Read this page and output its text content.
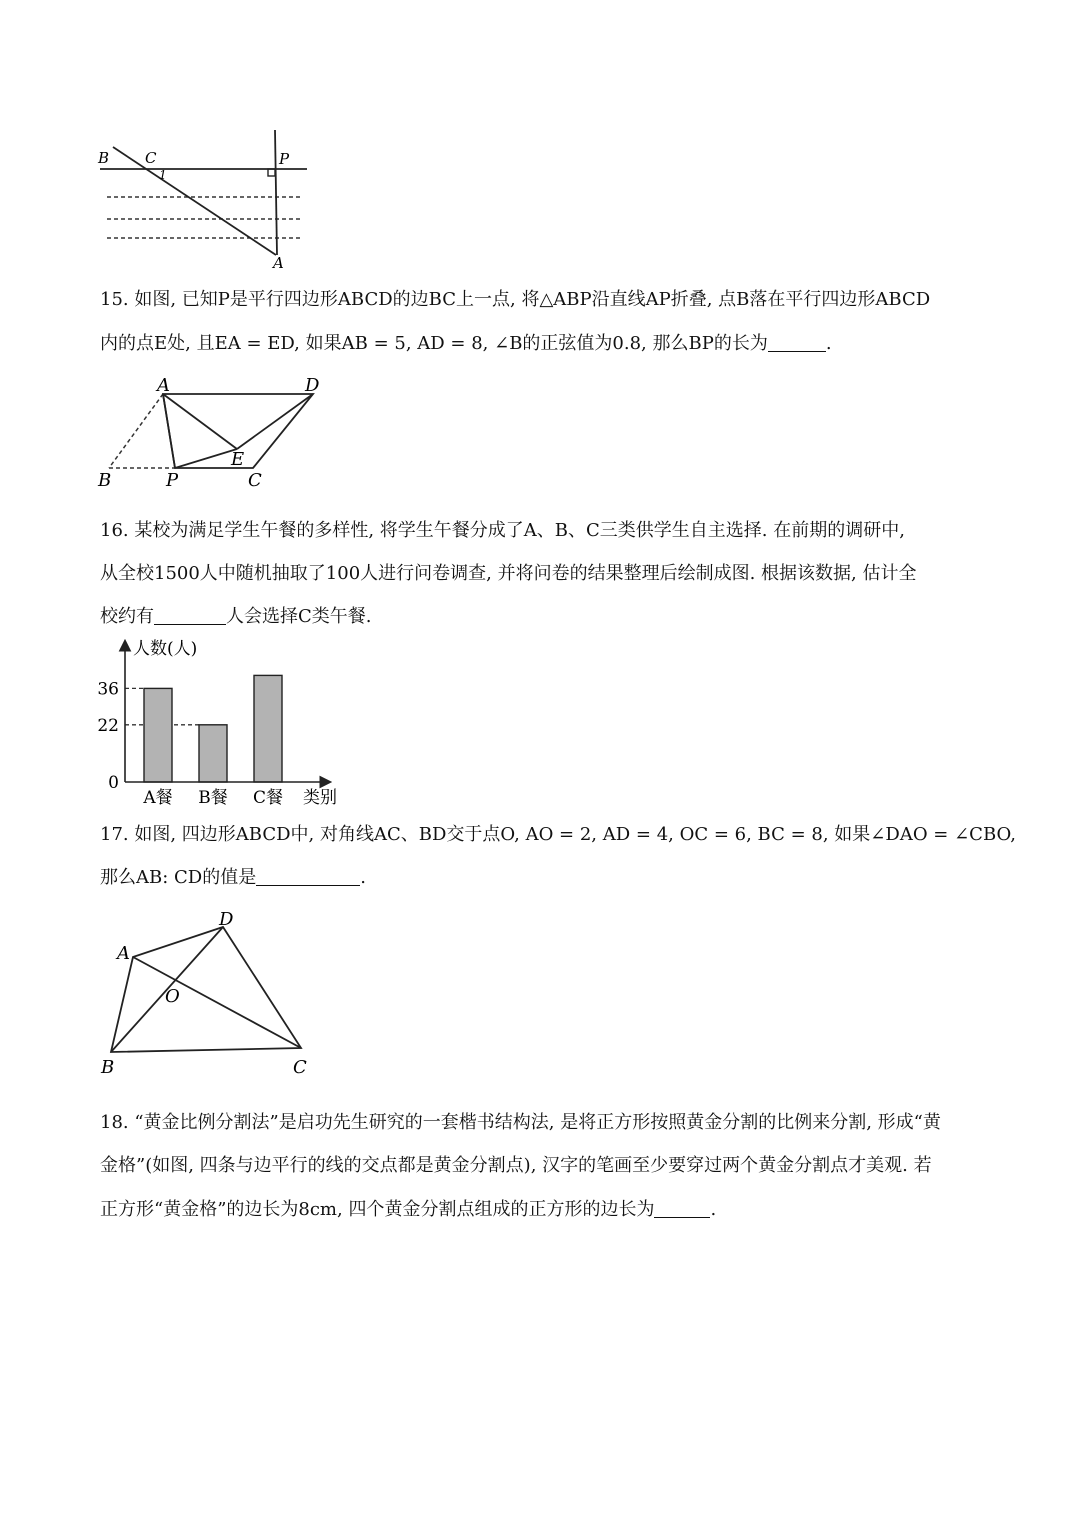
B C	P
A
1
15. 如图, 已知P是平行四边形ABCD的边BC上一点, 将△ABP沿直线AP折叠, 点B落在平行四边形ABCD
内的点E处, 且EA = ED, 如果AB = 5, AD = 8, ∠B的正弦值为0.8, 那么BP的长为	.
A	D
B	P
E
C
16. 某校为满足学生午餐的多样性, 将学生午餐分成了A、B、C三类供学生自主选择. 在前期的调研中,
从全校1500人中随机抽取了100人进行问卷调查, 并将问卷的结果整理后绘制成图. 根据该数据, 估计全
校约有	人会选择C类午餐.
人数(人)
类别
0
22
36
A餐 B餐 C餐
17. 如图, 四边形ABCD中, 对角线AC、BD交于点O, AO = 2, AD = 4, OC = 6, BC = 8, 如果∠DAO = ∠CBO,
那么AB: CD的值是	.
A
D
O
B	C
18. “黄金比例分割法”是启功先生研究的一套楷书结构法, 是将正方形按照黄金分割的比例来分割, 形成“黄
金格”(如图, 四条与边平行的线的交点都是黄金分割点), 汉字的笔画至少要穿过两个黄金分割点才美观. 若
正方形“黄金格”的边长为8cm, 四个黄金分割点组成的正方形的边长为	.
